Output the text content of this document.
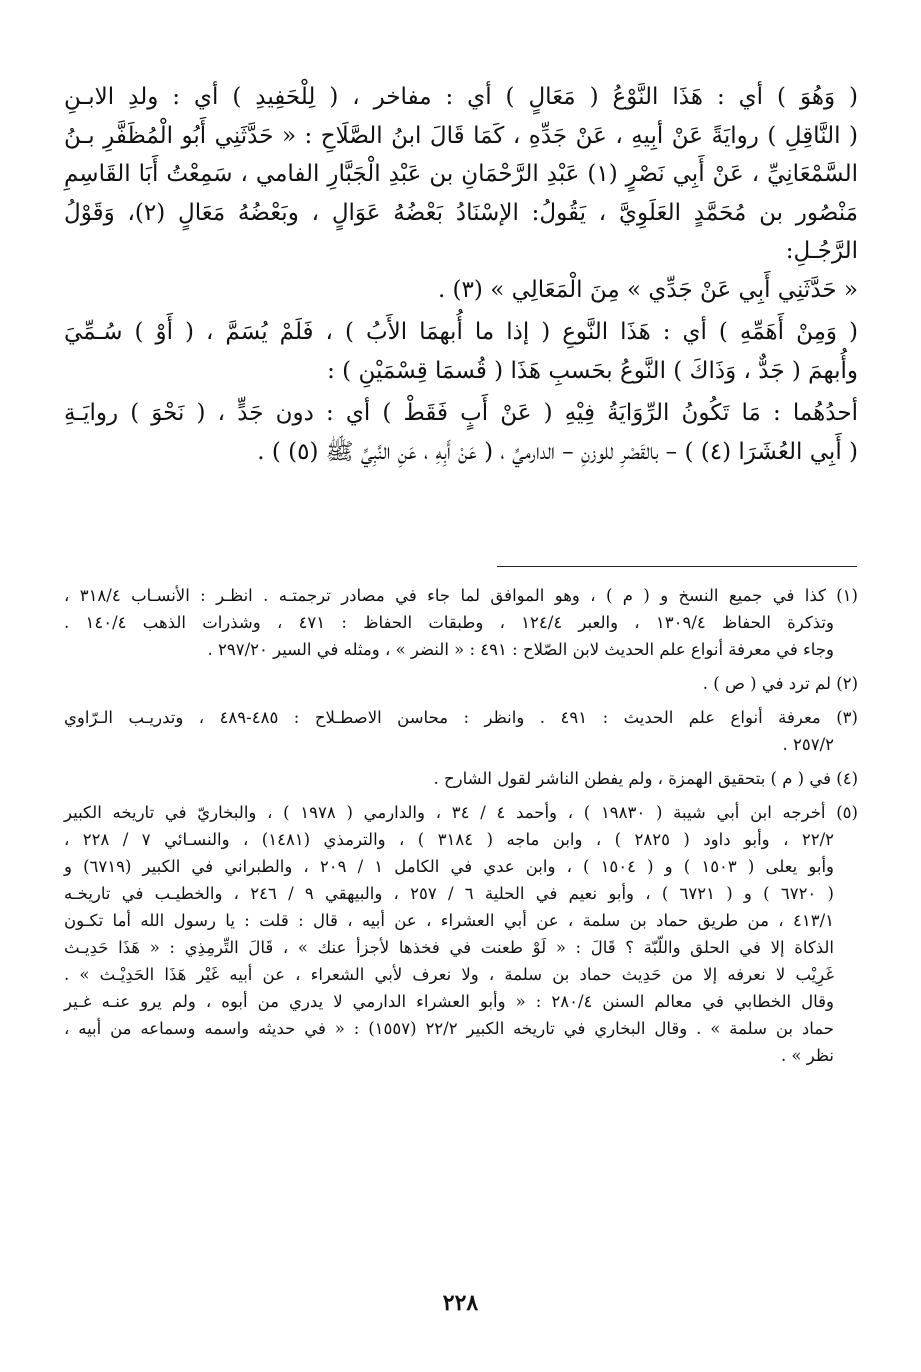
( وَهُوَ ) أي : هَذَا النَّوْعُ ( مَعَالٍ ) أي : مفاخر ، ( لِلْحَفِيدِ ) أي : ولدِ الابـنِ

( النَّاقِلِ ) روايَةً عَنْ أبِيهِ ، عَنْ جَدِّهِ ، كَمَا قَالَ ابنُ الصَّلَاحِ : « حَدَّثَنِي أَبُو الْمُظَفَّرِ بـنُ

السَّمْعَانِيِّ ، عَنْ أَبِي نَصْرٍ (١) عَبْدِ الرَّحْمَانِ بن عَبْدِ الْجَبَّارِ الفامي ، سَمِعْتُ أَبَا القَاسِمِ

مَنْصُور بن مُحَمَّدٍ العَلَوِيَّ ، يَقُولُ: الإسْنَادُ بَعْضُهُ عَوَالٍ ، وبَعْضُهُ مَعَالٍ (٢)، وَقَوْلُ الرَّجُـلِ:

« حَدَّثَنِي أَبِي عَنْ جَدِّي » مِنَ الْمَعَالِي » (٣) .

( وَمِنْ أَهَمِّهِ ) أي : هَذَا النَّوعِ ( إذا ما أُبهمَا الأَبُ ) ، فَلَمْ يُسَمَّ ، ( أَوْ ) سُـمِّيَ

وأُبهمَ ( جَدٌّ ، وَذَاكَ ) النَّوعُ بحَسبِ هَذَا ( قُسمَا قِسْمَيْنِ ) :

أحدُهُما : مَا تَكُونُ الرِّوَايَةُ فِيْهِ ( عَنْ أَبٍ فَقَطْ ) أي : دون جَدٍّ ، ( نَحْوَ ) روايَـةِ

( أَبِي العُشَرَا (٤) ) – بالقَصْرِ للوزنِ – الدارميِّ ، ( عَنْ أَبِهِ ، عَنِ النَّبِيِّ ﷺ (٥) ) .

(١) كذا في جميع النسخ و ( م ) ، وهو الموافق لما جاء في مصادر ترجمتـه . انظـر : الأنسـاب ٣١٨/٤ ،

وتذكرة الحفاظ ١٣٠٩/٤ ، والعبر ١٢٤/٤ ، وطبقات الحفاظ : ٤٧١ ، وشذرات الذهب ١٤٠/٤ .

وجاء في معرفة أنواع علم الحديث لابن الصّلاح : ٤٩١ : « النضر » ، ومثله في السير ٢٩٧/٢٠ .

(٢) لم ترد في ( ص ) .

(٣) معرفة أنواع علم الحديث : ٤٩١ . وانظر : محاسن الاصطـلاح : ٤٨٥-٤٨٩ ، وتدريـب الـرّاوي

٢٥٧/٢ .

(٤) في ( م ) بتحقيق الهمزة ، ولم يفطن الناشر لقول الشارح .

(٥) أخرجه ابن أبي شيبة ( ١٩٨٣٠ ) ، وأحمد ٤ / ٣٤ ، والدارمي ( ١٩٧٨ ) ، والبخاريّ في تاريخه الكبير

٢٢/٢ ، وأبو داود ( ٢٨٢٥ ) ، وابن ماجه ( ٣١٨٤ ) ، والترمذي (١٤٨١) ، والنسـائي ٧ / ٢٢٨ ،

وأبو يعلى ( ١٥٠٣ ) و ( ١٥٠٤ ) ، وابن عدي في الكامل ١ / ٢٠٩ ، والطبراني في الكبير (٦٧١٩) و

( ٦٧٢٠ ) و ( ٦٧٢١ ) ، وأبو نعيم في الحلية ٦ / ٢٥٧ ، والبيهقي ٩ / ٢٤٦ ، والخطيـب في تاريخـه

٤١٣/١ ، من طريق حماد بن سلمة ، عن أبي العشراء ، عن أبيه ، قال : قلت : يا رسول الله أما تكـون

الذكاة إلا في الحلق واللّبّة ؟ قَالَ : « لَوْ طعنت في فخذها لأجزأ عنك » ، قَالَ التِّرمِذِي : « هَذَا حَدِيـث

غَرِيْب لا نعرفه إلا من حَدِيث حماد بن سلمة ، ولا نعرف لأبي الشعراء ، عن أبيه غَيْر هَذَا الحَدِيْـث » .

وقال الخطابي في معالم السنن ٢٨٠/٤ : « وأبو العشراء الدارمي لا يدري من أبوه ، ولم يرو عنـه غـير

حماد بن سلمة » . وقال البخاري في تاريخه الكبير ٢٢/٢ (١٥٥٧) : « في حديثه واسمه وسماعه من أبيه ،

نظر » .

٢٢٨
